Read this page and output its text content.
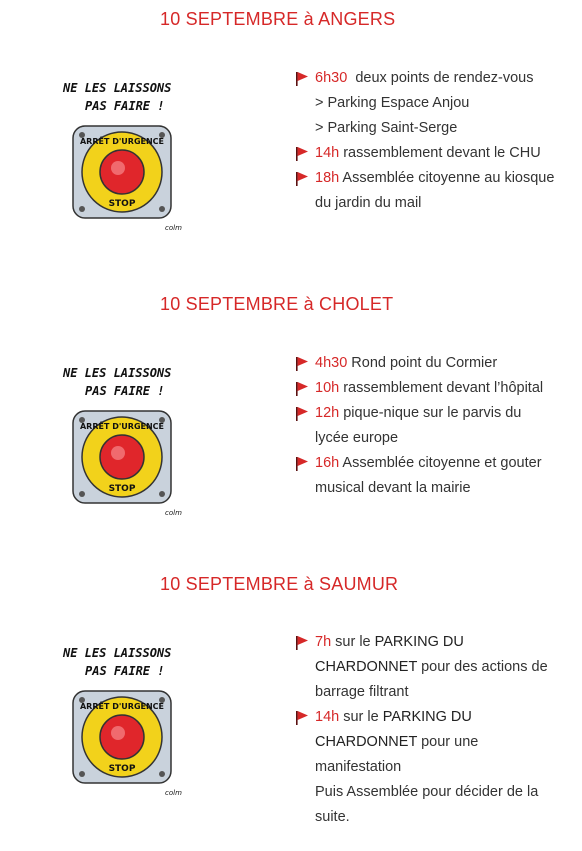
10 SEPTEMBRE à ANGERS
NE LES LAISSONS
PAS FAIRE !
ARRÊT D'URGENCE
STOP
colm
6h30  deux points de rendez-vous
> Parking Espace Anjou
> Parking Saint-Serge
14h rassemblement devant le CHU
18h Assemblée citoyenne au kiosque du jardin du mail
10 SEPTEMBRE à CHOLET
NE LES LAISSONS
PAS FAIRE !
ARRÊT D'URGENCE
STOP
colm
4h30 Rond point du Cormier
10h rassemblement devant l’hôpital
12h pique-nique sur le parvis du lycée europe
16h Assemblée citoyenne et gouter musical devant la mairie
10 SEPTEMBRE à SAUMUR
NE LES LAISSONS
PAS FAIRE !
ARRÊT D'URGENCE
STOP
colm
7h sur le PARKING DU CHARDONNET pour des actions de barrage filtrant
14h sur le PARKING DU CHARDONNET pour une manifestation
Puis Assemblée pour décider de la suite.
